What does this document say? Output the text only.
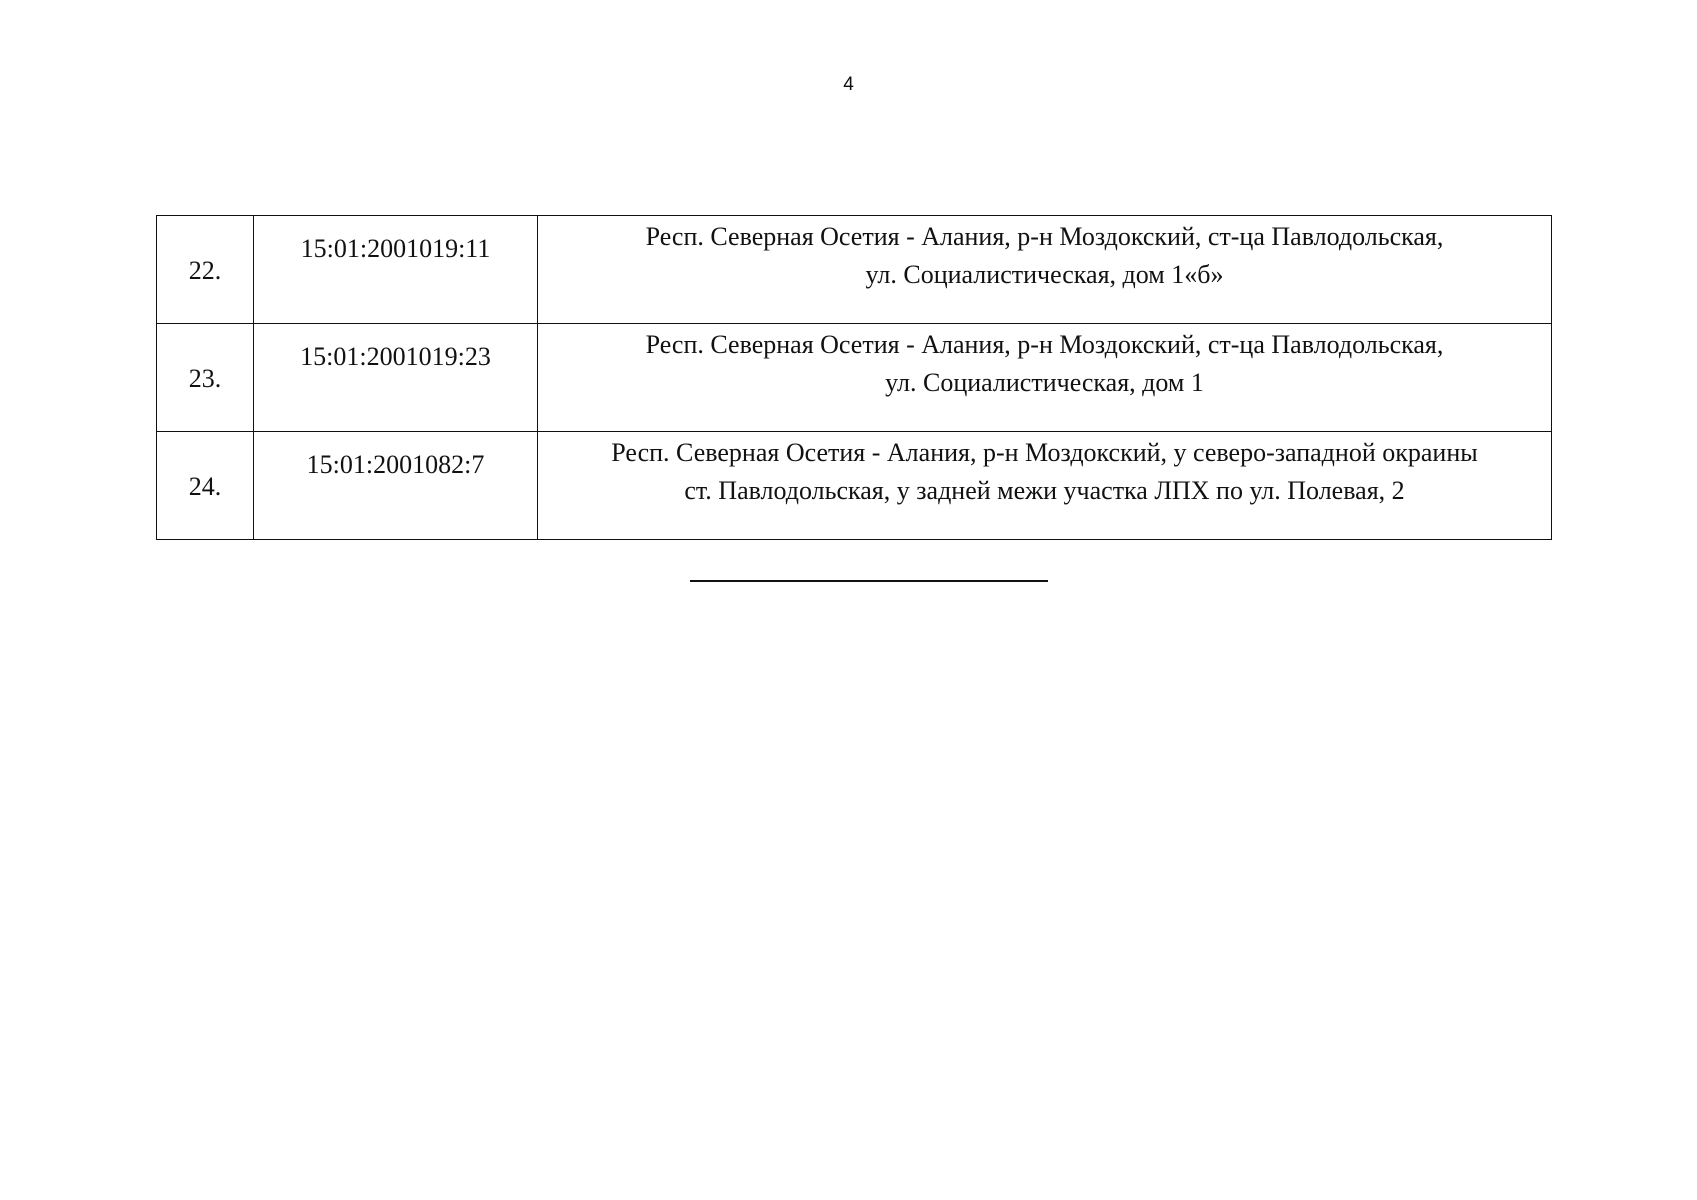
4
22.	15:01:2001019:11	Респ. Северная Осетия - Алания, р-н Моздокский, ст-ца Павлодольская,
ул. Социалистическая, дом 1«б»

23.	15:01:2001019:23	Респ. Северная Осетия - Алания, р-н Моздокский, ст-ца Павлодольская,
ул. Социалистическая, дом 1

24.	15:01:2001082:7	Респ. Северная Осетия - Алания, р-н Моздокский, у северо-западной окраины
ст. Павлодольская, у задней межи участка ЛПХ по ул. Полевая, 2
